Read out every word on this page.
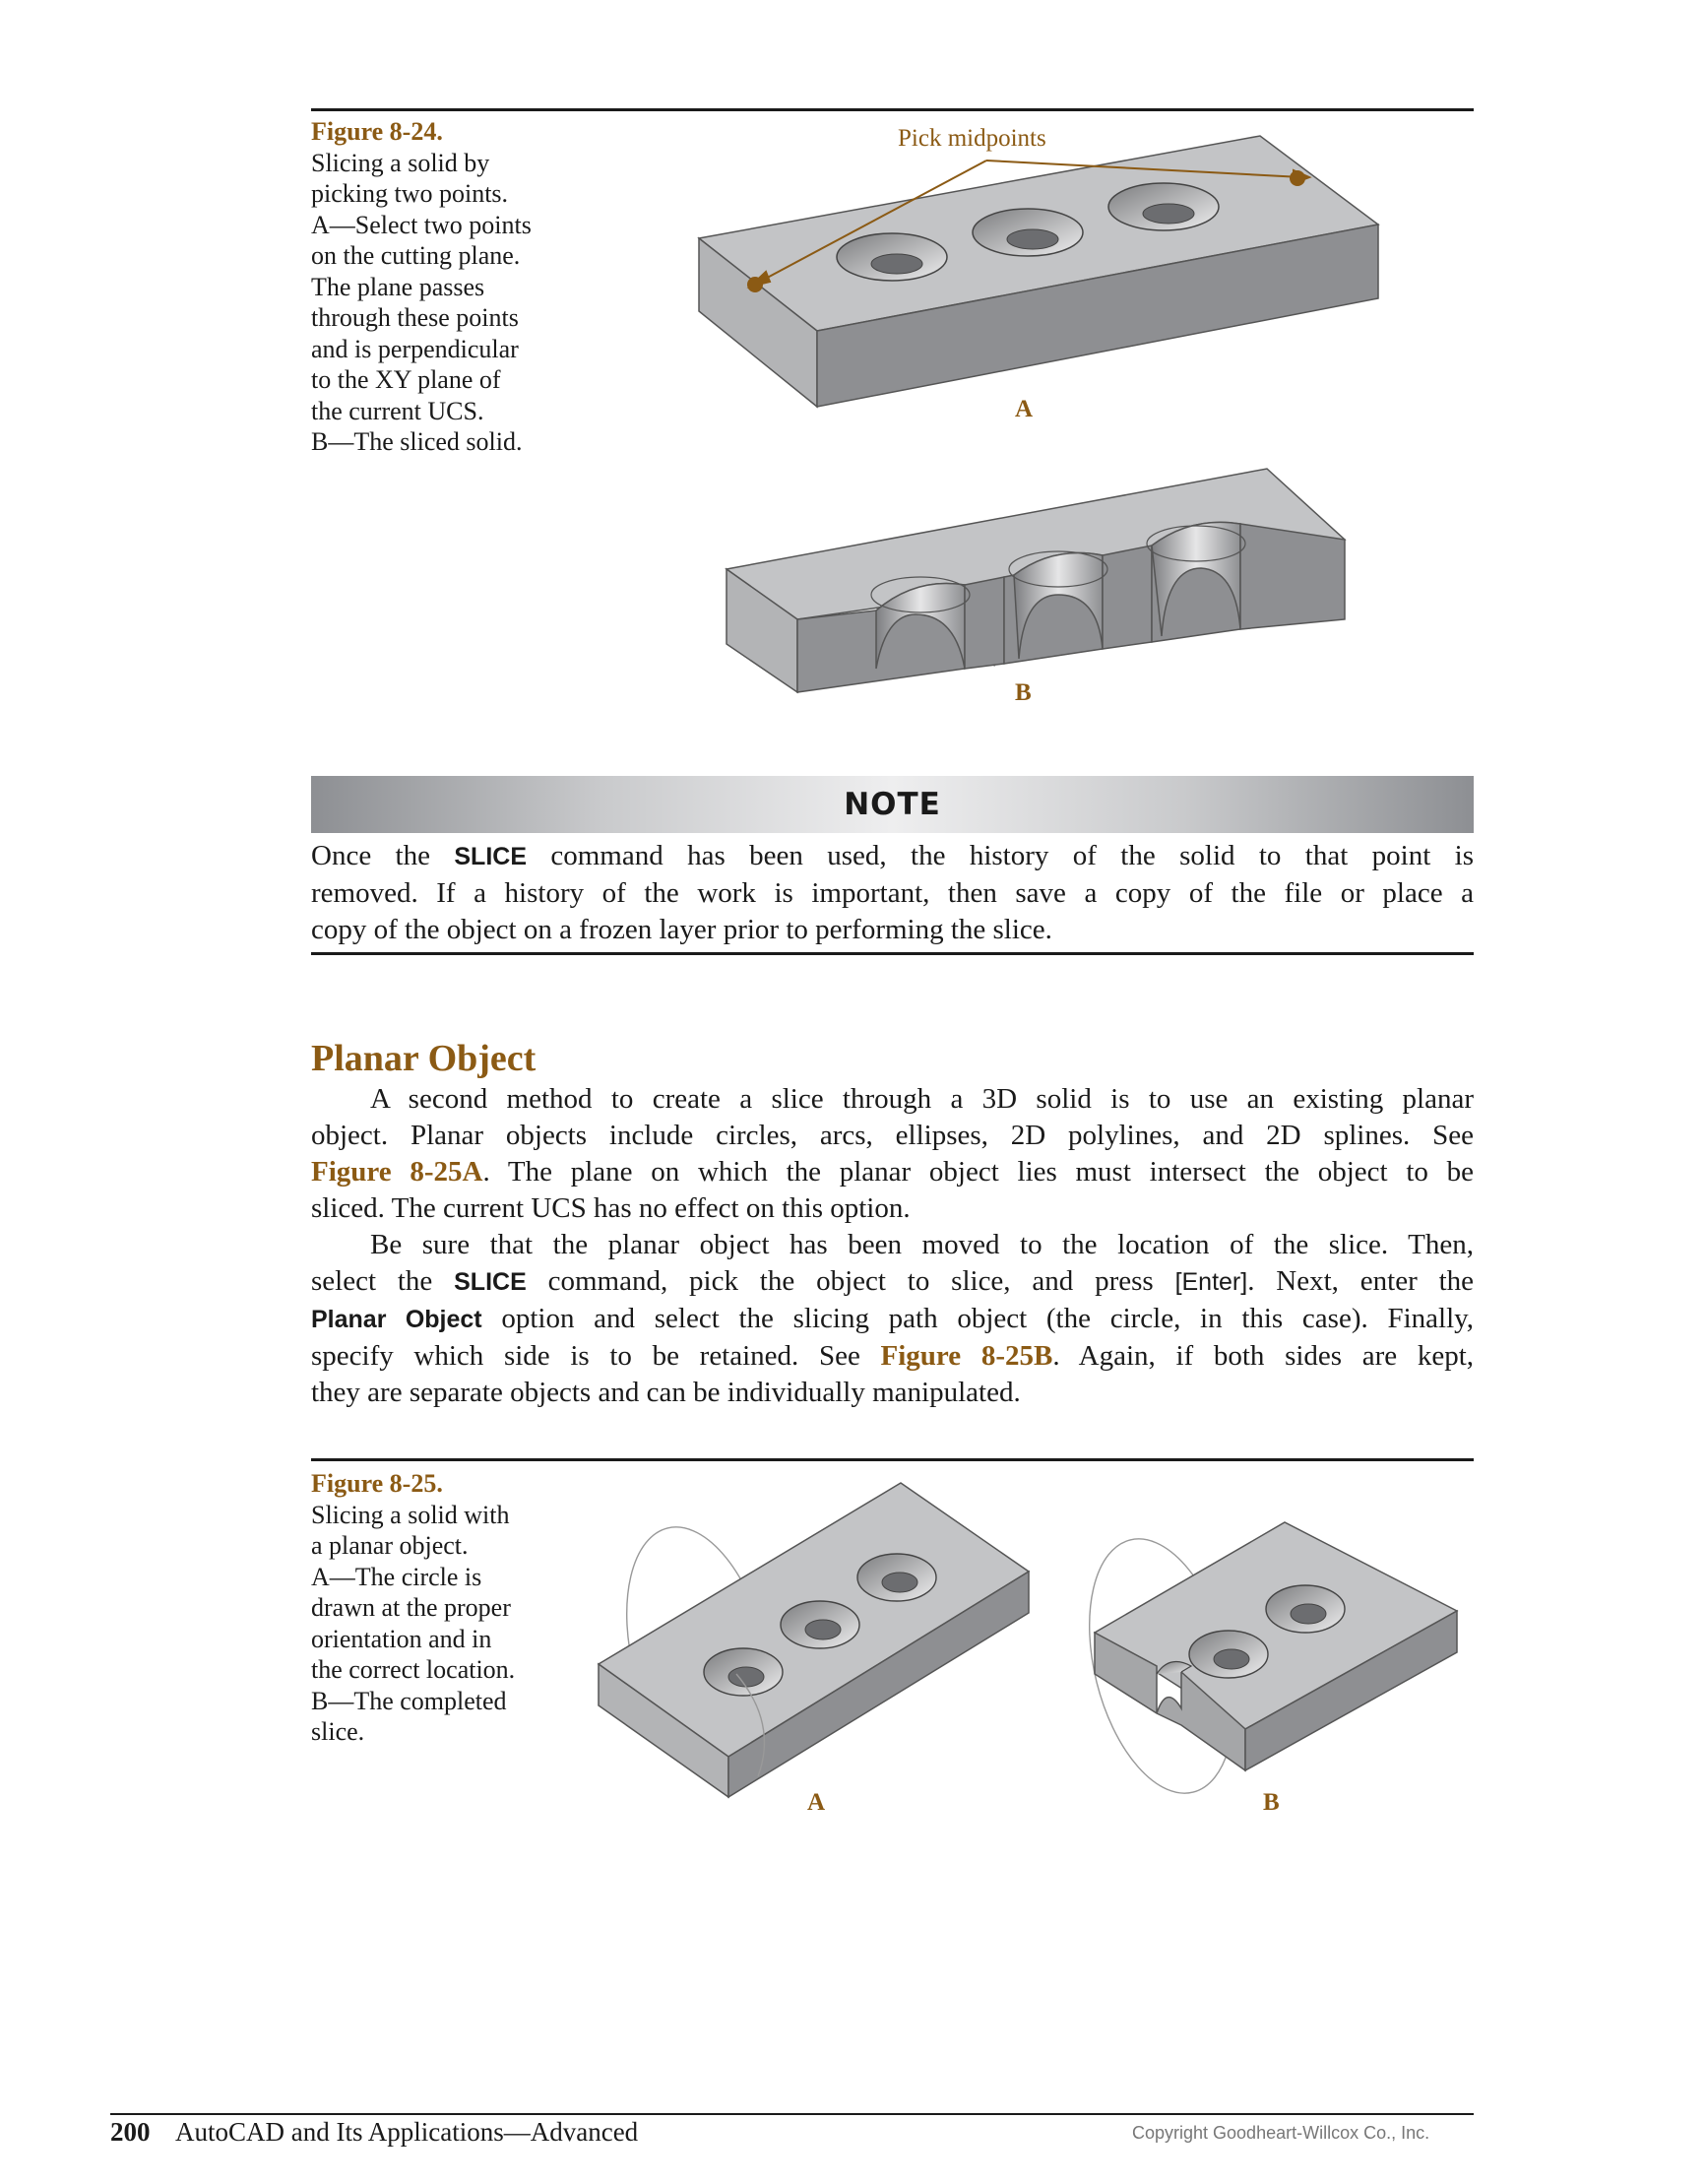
Figure 8-24.
Slicing a solid by
picking two points.
A—Select two points
on the cutting plane.
The plane passes
through these points
and is perpendicular
to the XY plane of
the current UCS.
B—The sliced solid.
Pick midpoints
A
B
NOTE
Once the SLICE command has been used, the history of the solid to that point is
removed. If a history of the work is important, then save a copy of the file or place a
copy of the object on a frozen layer prior to performing the slice.
Planar Object
A second method to create a slice through a 3D solid is to use an existing planar
object. Planar objects include circles, arcs, ellipses, 2D polylines, and 2D splines. See
Figure 8-25A. The plane on which the planar object lies must intersect the object to be
sliced. The current UCS has no effect on this option.
Be sure that the planar object has been moved to the location of the slice. Then,
select the SLICE command, pick the object to slice, and press [Enter]. Next, enter the
Planar Object option and select the slicing path object (the circle, in this case). Finally,
specify which side is to be retained. See Figure 8-25B. Again, if both sides are kept,
they are separate objects and can be individually manipulated.
Figure 8-25.
Slicing a solid with
a planar object.
A—The circle is
drawn at the proper
orientation and in
the correct location.
B—The completed
slice.
A	B
200 AutoCAD and Its Applications—Advanced	Copyright Goodheart-Willcox Co., Inc.
